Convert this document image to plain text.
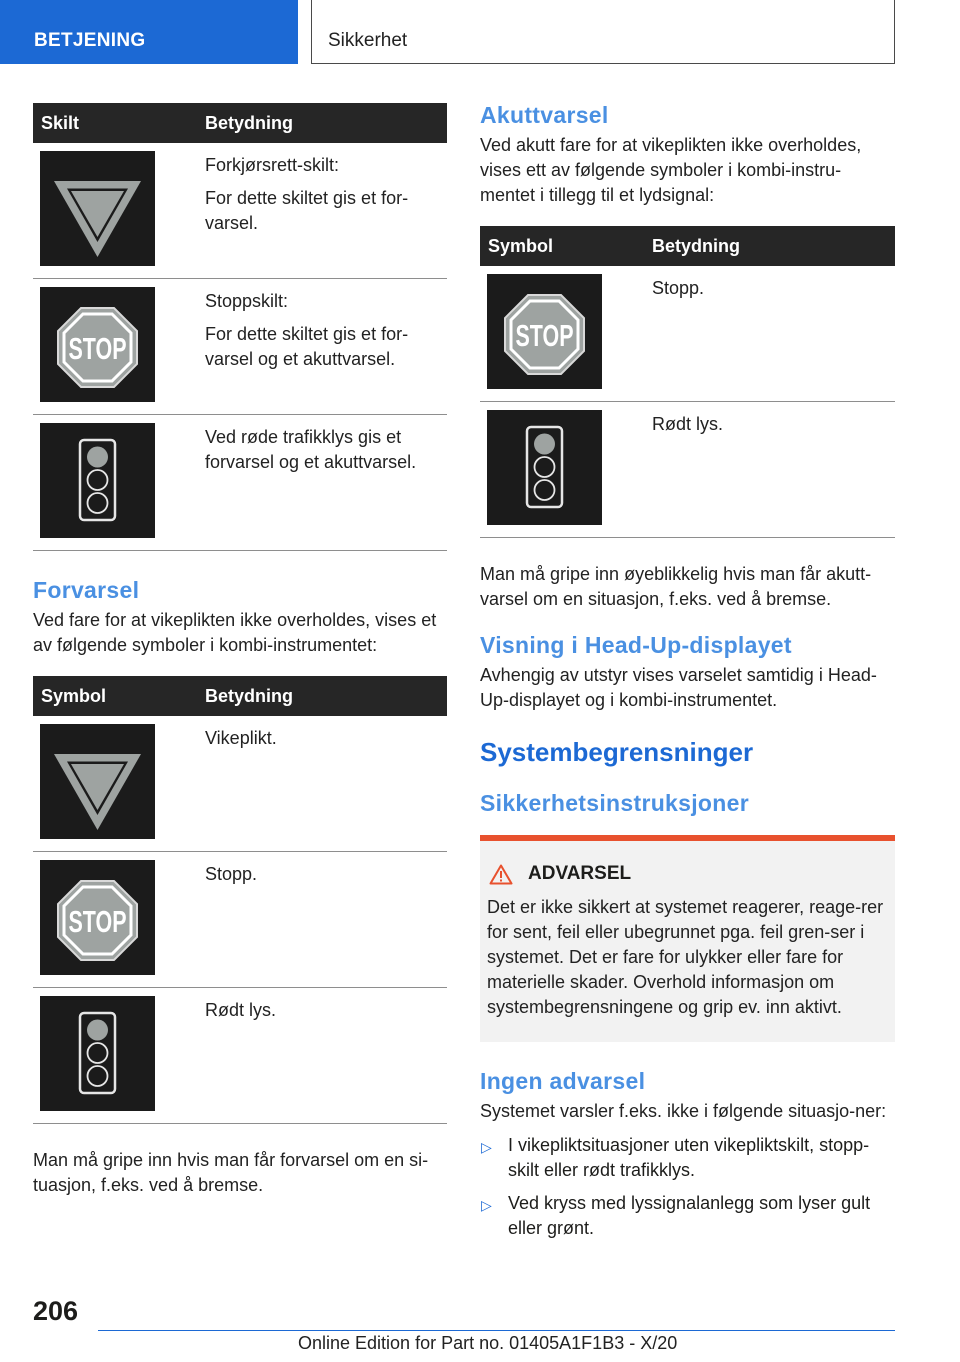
BETJENING	Sikkerhet
Skilt	Betydning

Forkjørsrett-skilt:

For dette skiltet gis et for-varsel.

Stoppskilt:

For dette skiltet gis et for-varsel og et akuttvarsel.

Ved røde trafikklys gis et forvarsel og et akuttvarsel.

Forvarsel

Ved fare for at vikeplikten ikke overholdes, vises et av følgende symboler i kombi-instrumentet:

Symbol	Betydning

Vikeplikt.

Stopp.

Rødt lys.

Man må gripe inn hvis man får forvarsel om en si-tuasjon, f.eks. ved å bremse.

Akuttvarsel

Ved akutt fare for at vikeplikten ikke overholdes, vises ett av følgende symboler i kombi-instru-mentet i tillegg til et lydsignal:

Symbol	Betydning

Stopp.

Rødt lys.

Man må gripe inn øyeblikkelig hvis man får akutt-varsel om en situasjon, f.eks. ved å bremse.

Visning i Head-Up-displayet

Avhengig av utstyr vises varselet samtidig i Head-Up-displayet og i kombi-instrumentet.

Systembegrensninger
Sikkerhetsinstruksjoner
ADVARSEL

Det er ikke sikkert at systemet reagerer, reage-rer for sent, feil eller ubegrunnet pga. feil gren-ser i systemet. Det er fare for ulykker eller fare for materielle skader. Overhold informasjon om systembegrensningene og grip ev. inn aktivt.

Ingen advarsel

Systemet varsler f.eks. ikke i følgende situasjo-ner:

▷ I vikepliktsituasjoner uten vikepliktskilt, stopp-skilt eller rødt trafikklys.
▷ Ved kryss med lyssignalanlegg som lyser gult eller grønt.
206
Online Edition for Part no. 01405A1F1B3 - X/20
